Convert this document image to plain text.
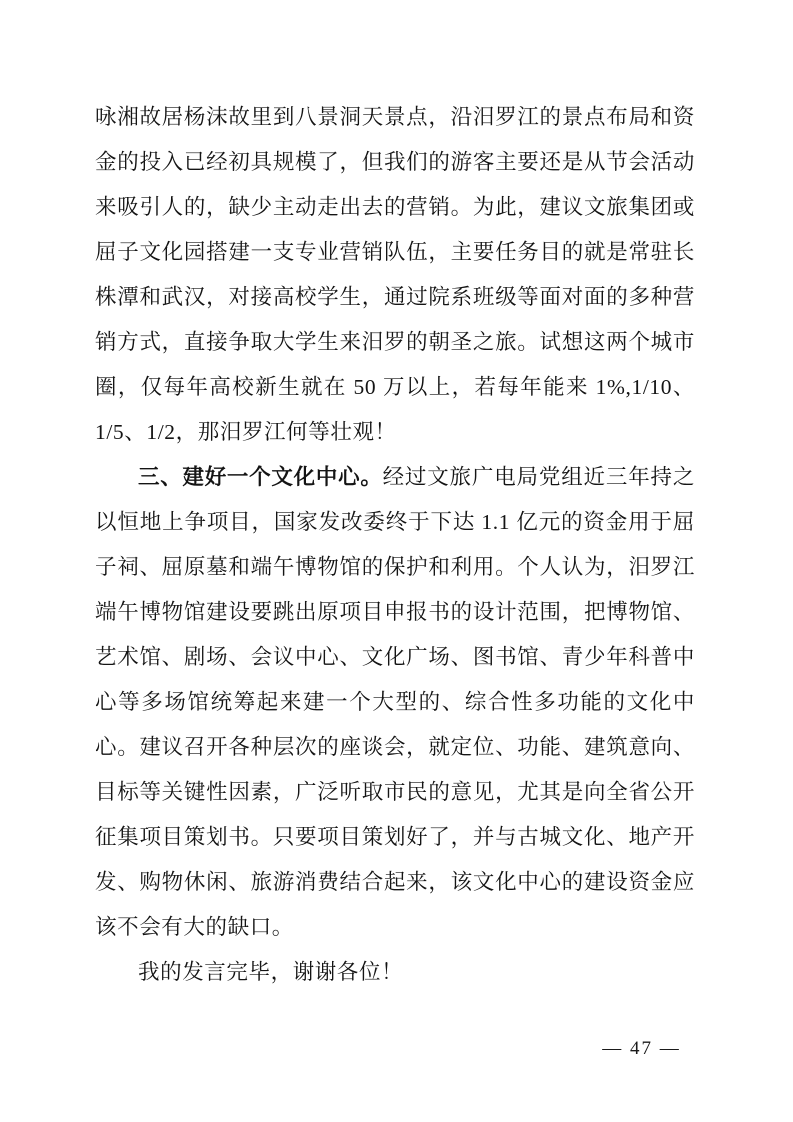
咏湘故居杨沫故里到八景洞天景点，沿汨罗江的景点布局和资金的投入已经初具规模了，但我们的游客主要还是从节会活动来吸引人的，缺少主动走出去的营销。为此，建议文旅集团或屈子文化园搭建一支专业营销队伍，主要任务目的就是常驻长株潭和武汉，对接高校学生，通过院系班级等面对面的多种营销方式，直接争取大学生来汨罗的朝圣之旅。试想这两个城市圈，仅每年高校新生就在 50 万以上，若每年能来 1%,1/10、1/5、1/2，那汨罗江何等壮观！

三、建好一个文化中心。经过文旅广电局党组近三年持之以恒地上争项目，国家发改委终于下达 1.1 亿元的资金用于屈子祠、屈原墓和端午博物馆的保护和利用。个人认为，汨罗江端午博物馆建设要跳出原项目申报书的设计范围，把博物馆、艺术馆、剧场、会议中心、文化广场、图书馆、青少年科普中心等多场馆统筹起来建一个大型的、综合性多功能的文化中心。建议召开各种层次的座谈会，就定位、功能、建筑意向、目标等关键性因素，广泛听取市民的意见，尤其是向全省公开征集项目策划书。只要项目策划好了，并与古城文化、地产开发、购物休闲、旅游消费结合起来，该文化中心的建设资金应该不会有大的缺口。

我的发言完毕，谢谢各位！

— 47 —
